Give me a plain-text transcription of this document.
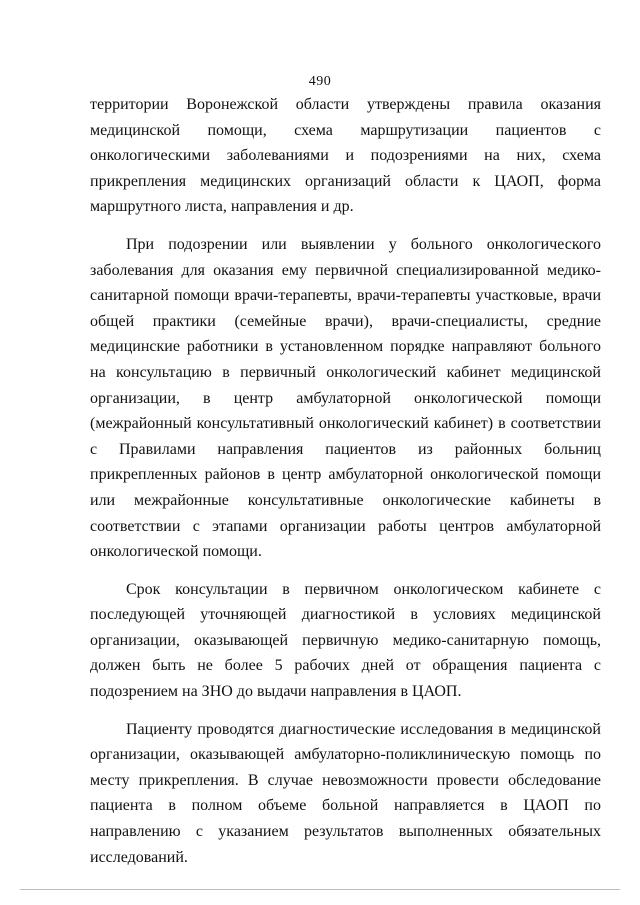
490

территории Воронежской области утверждены правила оказания медицинской помощи, схема маршрутизации пациентов с онкологическими заболеваниями и подозрениями на них, схема прикрепления медицинских организаций области к ЦАОП, форма маршрутного листа, направления и др.

При подозрении или выявлении у больного онкологического заболевания для оказания ему первичной специализированной медико-санитарной помощи врачи-терапевты, врачи-терапевты участковые, врачи общей практики (семейные врачи), врачи-специалисты, средние медицинские работники в установленном порядке направляют больного на консультацию в первичный онкологический кабинет медицинской организации, в центр амбулаторной онкологической помощи (межрайонный консультативный онкологический кабинет) в соответствии с Правилами направления пациентов из районных больниц прикрепленных районов в центр амбулаторной онкологической помощи или межрайонные консультативные онкологические кабинеты в соответствии с этапами организации работы центров амбулаторной онкологической помощи.

Срок консультации в первичном онкологическом кабинете с последующей уточняющей диагностикой в условиях медицинской организации, оказывающей первичную медико-санитарную помощь, должен быть не более 5 рабочих дней от обращения пациента с подозрением на ЗНО до выдачи направления в ЦАОП.

Пациенту проводятся диагностические исследования в медицинской организации, оказывающей амбулаторно-поликлиническую помощь по месту прикрепления. В случае невозможности провести обследование пациента в полном объеме больной направляется в ЦАОП по направлению с указанием результатов выполненных обязательных исследований.
